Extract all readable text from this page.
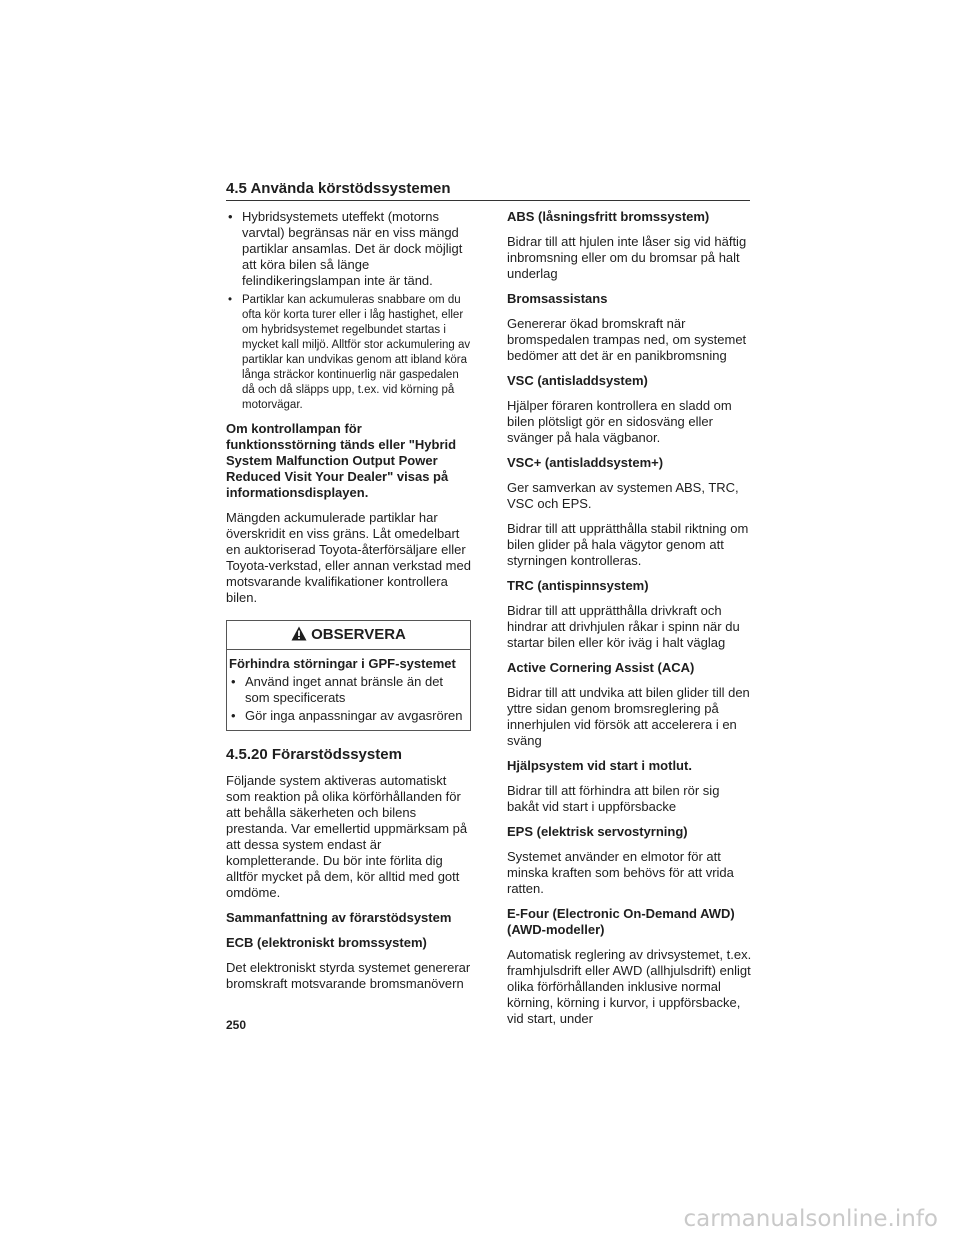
4.5 Använda körstödssystemen
• Hybridsystemets uteffekt (motorns varvtal) begränsas när en viss mängd partiklar ansamlas. Det är dock möjligt att köra bilen så länge felindikeringslampan inte är tänd.
• Partiklar kan ackumuleras snabbare om du ofta kör korta turer eller i låg hastighet, eller om hybridsystemet regelbundet startas i mycket kall miljö. Alltför stor ackumulering av partiklar kan undvikas genom att ibland köra långa sträckor kontinuerlig när gaspedalen då och då släpps upp, t.ex. vid körning på motorvägar.

Om kontrollampan för funktionsstörning tänds eller "Hybrid System Malfunction Output Power Reduced Visit Your Dealer" visas på informationsdisplayen.

Mängden ackumulerade partiklar har överskridit en viss gräns. Låt omedelbart en auktoriserad Toyota-återförsäljare eller Toyota-verkstad, eller annan verkstad med motsvarande kvalifikationer kontrollera bilen.

OBSERVERA

Förhindra störningar i GPF-systemet

• Använd inget annat bränsle än det som specificerats
• Gör inga anpassningar av avgasrören
4.5.20 Förarstödssystem

Följande system aktiveras automatiskt som reaktion på olika körförhållanden för att behålla säkerheten och bilens prestanda. Var emellertid uppmärksam på att dessa system endast är kompletterande. Du bör inte förlita dig alltför mycket på dem, kör alltid med gott omdöme.

Sammanfattning av förarstödsystem

ECB (elektroniskt bromssystem)

Det elektroniskt styrda systemet genererar bromskraft motsvarande bromsmanövern

ABS (låsningsfritt bromssystem)

Bidrar till att hjulen inte låser sig vid häftig inbromsning eller om du bromsar på halt underlag

Bromsassistans

Genererar ökad bromskraft när bromspedalen trampas ned, om systemet bedömer att det är en panikbromsning

VSC (antisladdsystem)

Hjälper föraren kontrollera en sladd om bilen plötsligt gör en sidosväng eller svänger på hala vägbanor.

VSC+ (antisladdsystem+)

Ger samverkan av systemen ABS, TRC, VSC och EPS.

Bidrar till att upprätthålla stabil riktning om bilen glider på hala vägytor genom att styrningen kontrolleras.

TRC (antispinnsystem)

Bidrar till att upprätthålla drivkraft och hindrar att drivhjulen råkar i spinn när du startar bilen eller kör iväg i halt väglag

Active Cornering Assist (ACA)

Bidrar till att undvika att bilen glider till den yttre sidan genom bromsreglering på innerhjulen vid försök att accelerera i en sväng

Hjälpsystem vid start i motlut.

Bidrar till att förhindra att bilen rör sig bakåt vid start i uppförsbacke

EPS (elektrisk servostyrning)

Systemet använder en elmotor för att minska kraften som behövs för att vrida ratten.

E-Four (Electronic On-Demand AWD) (AWD-modeller)

Automatisk reglering av drivsystemet, t.ex. framhjulsdrift eller AWD (allhjulsdrift) enligt olika förförhållanden inklusive normal körning, körning i kurvor, i uppförsbacke, vid start, under

250
carmanualsonline.info
